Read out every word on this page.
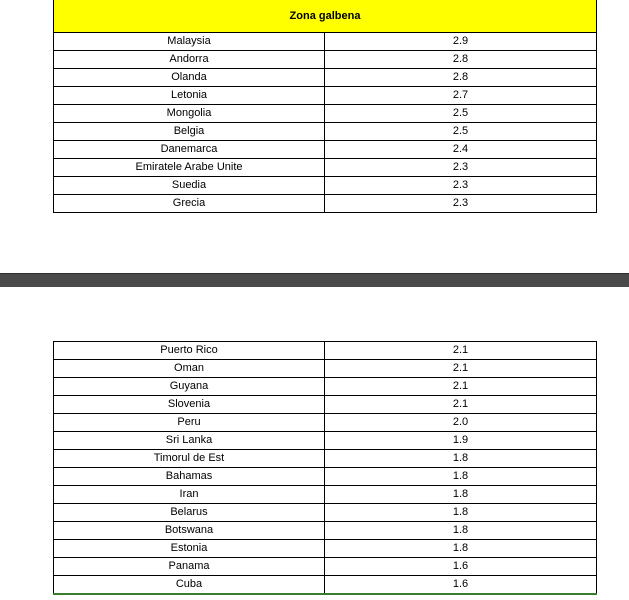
Zona galbena	
Malaysia	2.9
Andorra	2.8
Olanda	2.8
Letonia	2.7
Mongolia	2.5
Belgia	2.5
Danemarca	2.4
Emiratele Arabe Unite	2.3
Suedia	2.3
Grecia	2.3
Puerto Rico	2.1
Oman	2.1
Guyana	2.1
Slovenia	2.1
Peru	2.0
Sri Lanka	1.9
Timorul de Est	1.8
Bahamas	1.8
Iran	1.8
Belarus	1.8
Botswana	1.8
Estonia	1.8
Panama	1.6
Cuba	1.6
